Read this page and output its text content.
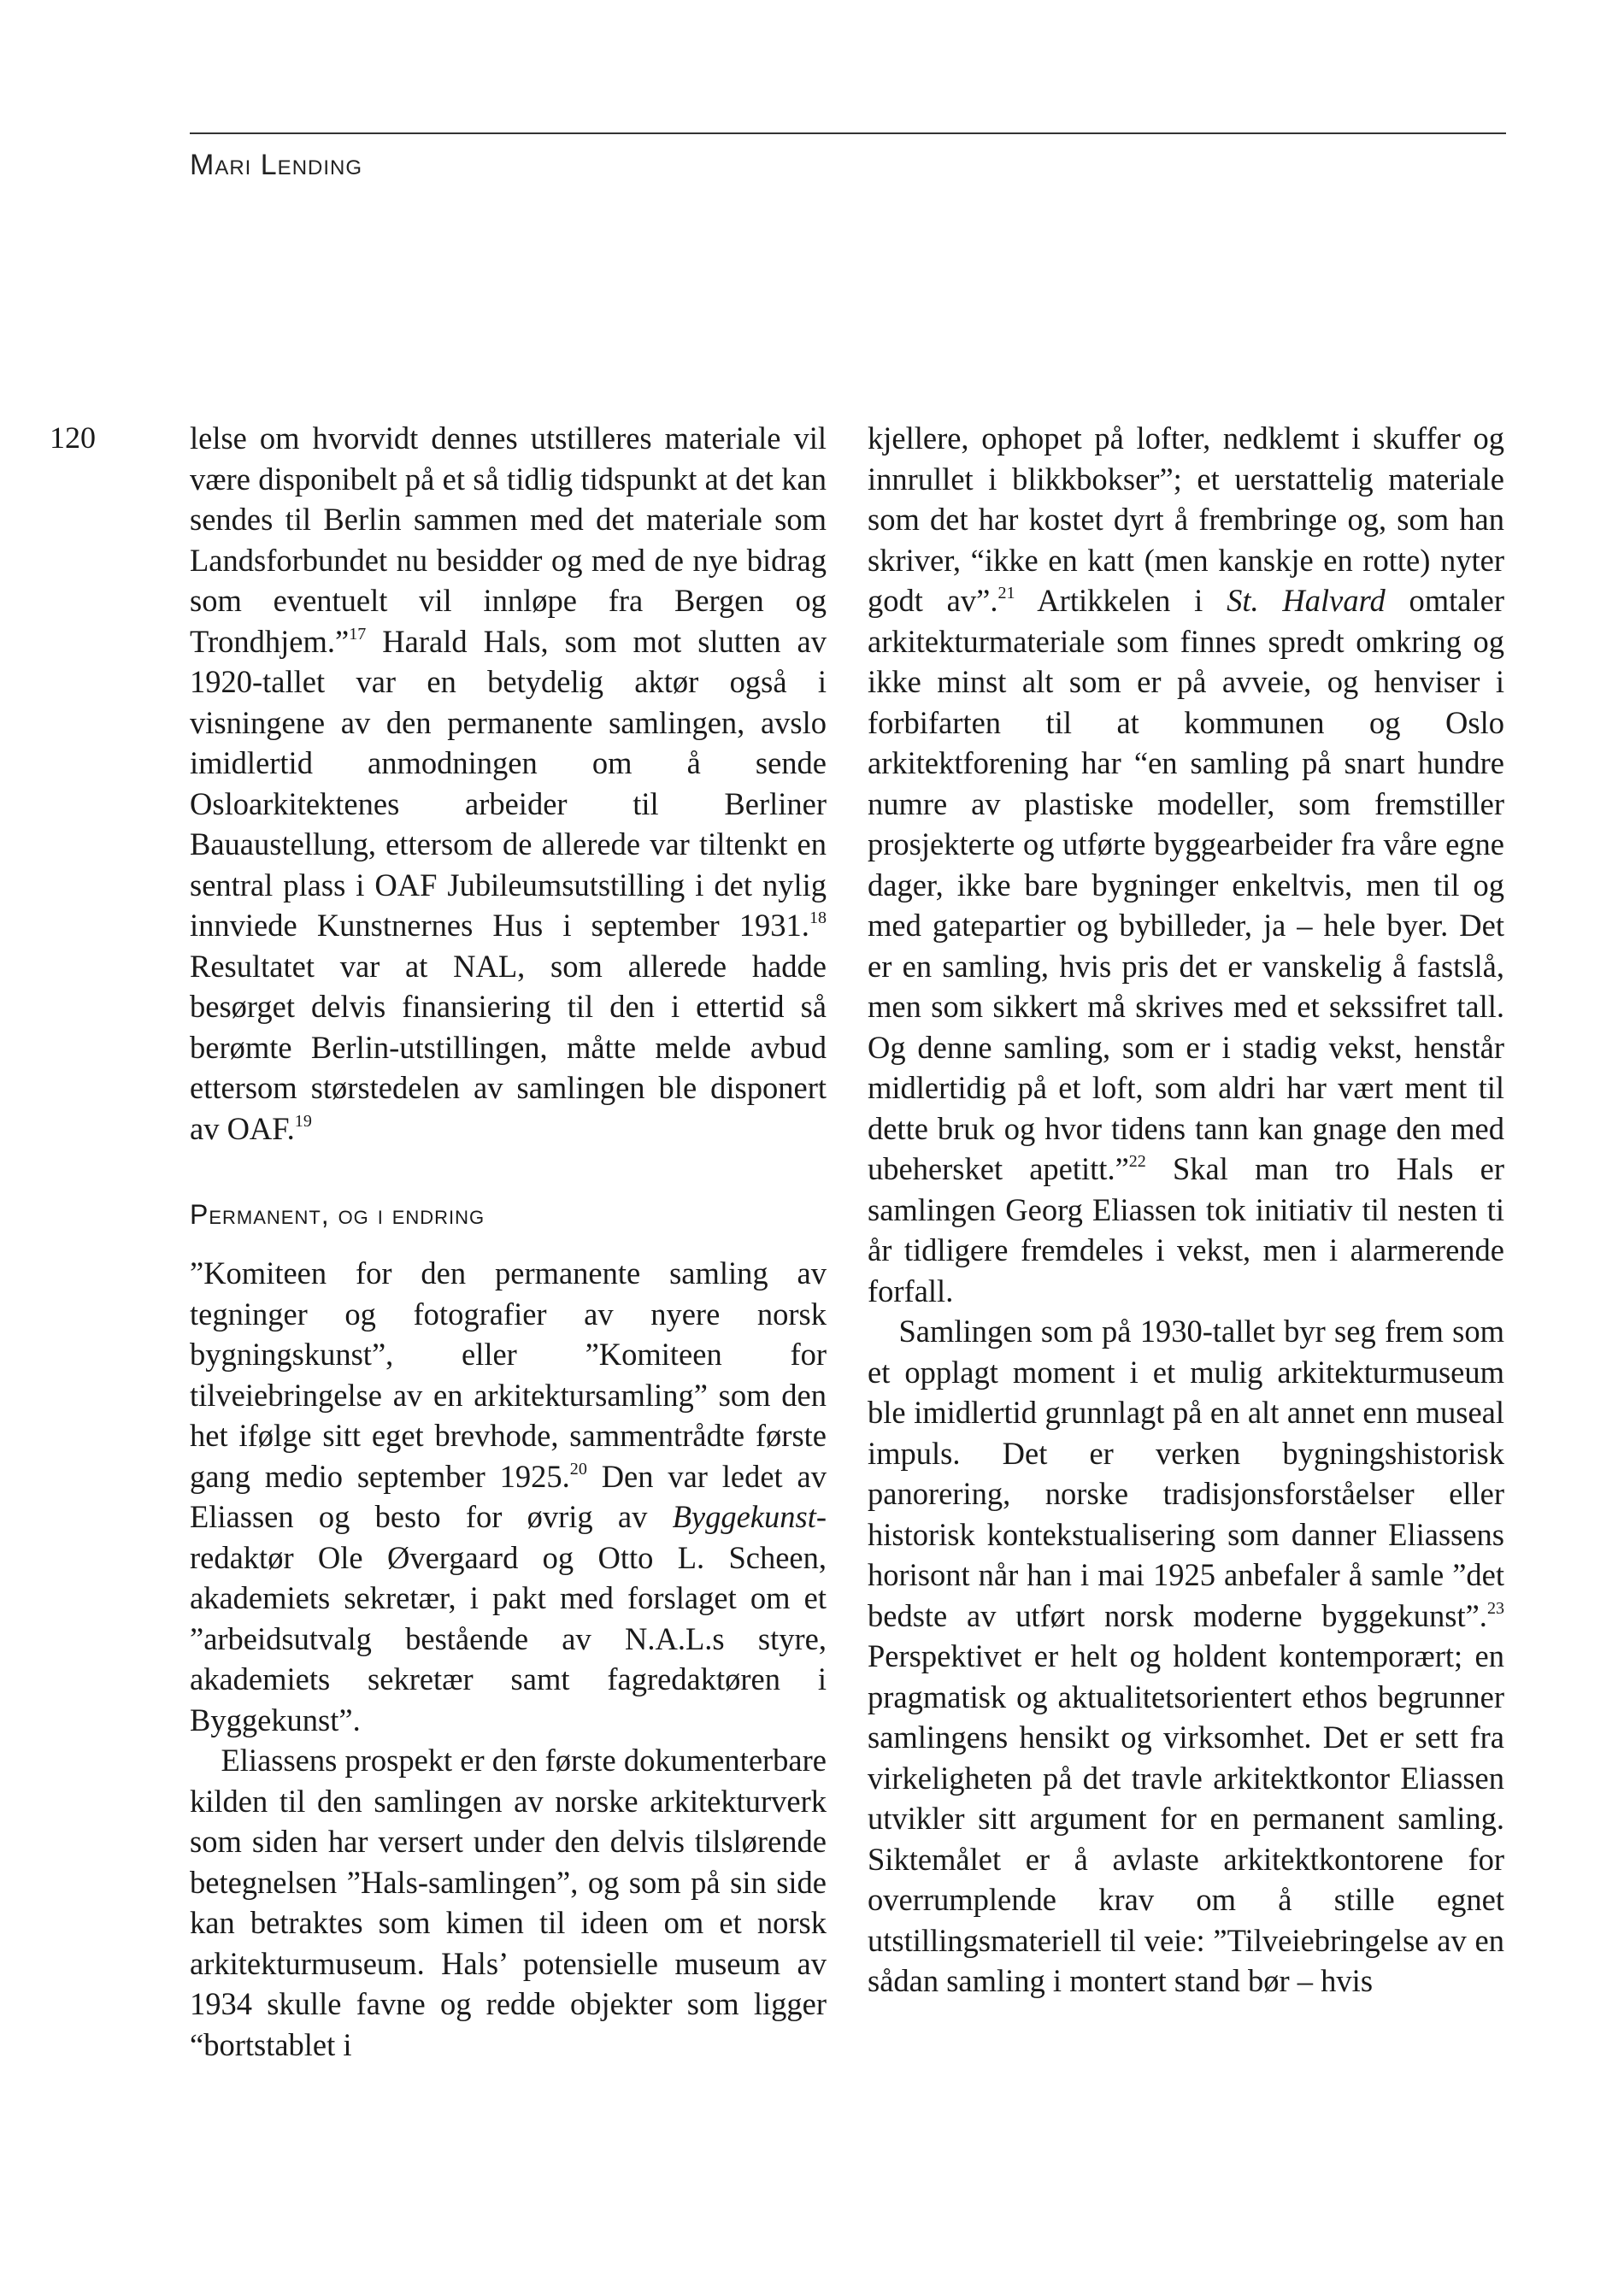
Mari Lending
120	lelse om hvorvidt dennes utstilleres materiale vil være disponibelt på et så tidlig tidspunkt at det kan sendes til Berlin sammen med det materiale som Landsforbundet nu besidder og med de nye bidrag som eventuelt vil innløpe fra Bergen og Trondhjem.”$^{17}$ Harald Hals, som mot slutten av 1920-tallet var en betydelig aktør også i visningene av den permanente samlingen, avslo imidlertid anmodningen om å sende Osloarkitektenes arbeider til Berliner Bauaustellung, ettersom de allerede var tiltenkt en sentral plass i OAF Jubileumsutstilling i det nylig innviede Kunstnernes Hus i september 1931.18 Resultatet var at NAL, som allerede hadde besørget delvis finansiering til den i ettertid så berømte Berlin-utstillingen, måtte melde avbud ettersom størstedelen av samlingen ble disponert av OAF.$^{19}$

Permanent, og i endring

”Komiteen for den permanente samling av tegninger og fotografier av nyere norsk bygningskunst”, eller ”Komiteen for tilveiebringelse av en arkitektursamling” som den het ifølge sitt eget brevhode, sammentrådte første gang medio september 1925.20 Den var ledet av Eliassen og besto for øvrig av Byggekunst-redaktør Ole Øvergaard og Otto L. Scheen, akademiets sekretær, i pakt med forslaget om et ”arbeidsutvalg bestående av N.A.L.s styre, akademiets sekretær samt fagredaktøren i Byggekunst”.

Eliassens prospekt er den første dokumenterbare kilden til den samlingen av norske arkitekturverk som siden har versert under den delvis tilslørende betegnelsen ”Hals-samlingen”, og som på sin side kan betraktes som kimen til ideen om et norsk arkitekturmuseum. Hals’ potensielle museum av 1934 skulle favne og redde objekter som ligger “bortstablet i

kjellere, ophopet på lofter, nedklemt i skuffer og innrullet i blikkbokser”; et uerstattelig materiale som det har kostet dyrt å frembringe og, som han skriver, “ikke en katt (men kanskje en rotte) nyter godt av”.$^{21}$ Artikkelen i St. Halvard omtaler arkitekturmateriale som finnes spredt omkring og ikke minst alt som er på avveie, og henviser i forbifarten til at kommunen og Oslo arkitektforening har “en samling på snart hundre numre av plastiske modeller, som fremstiller prosjekterte og utførte byggearbeider fra våre egne dager, ikke bare bygninger enkeltvis, men til og med gatepartier og bybilleder, ja – hele byer. Det er en samling, hvis pris det er vanskelig å fastslå, men som sikkert må skrives med et sekssifret tall. Og denne samling, som er i stadig vekst, henstår midlertidig på et loft, som aldri har vært ment til dette bruk og hvor tidens tann kan gnage den med ubehersket apetitt.”$^{22}$ Skal man tro Hals er samlingen Georg Eliassen tok initiativ til nesten ti år tidligere fremdeles i vekst, men i alarmerende forfall.

Samlingen som på 1930-tallet byr seg frem som et opplagt moment i et mulig arkitekturmuseum ble imidlertid grunnlagt på en alt annet enn museal impuls. Det er verken bygningshistorisk panorering, norske tradisjonsforståelser eller historisk kontekstualisering som danner Eliassens horisont når han i mai 1925 anbefaler å samle ”det bedste av utført norsk moderne byggekunst”.$^{23}$ Perspektivet er helt og holdent kontemporært; en pragmatisk og aktualitetsorientert ethos begrunner samlingens hensikt og virksomhet. Det er sett fra virkeligheten på det travle arkitektkontor Eliassen utvikler sitt argument for en permanent samling. Siktemålet er å avlaste arkitektkontorene for overrumplende krav om å stille egnet utstillingsmateriell til veie: ”Tilveiebringelse av en sådan samling i montert stand bør – hvis
